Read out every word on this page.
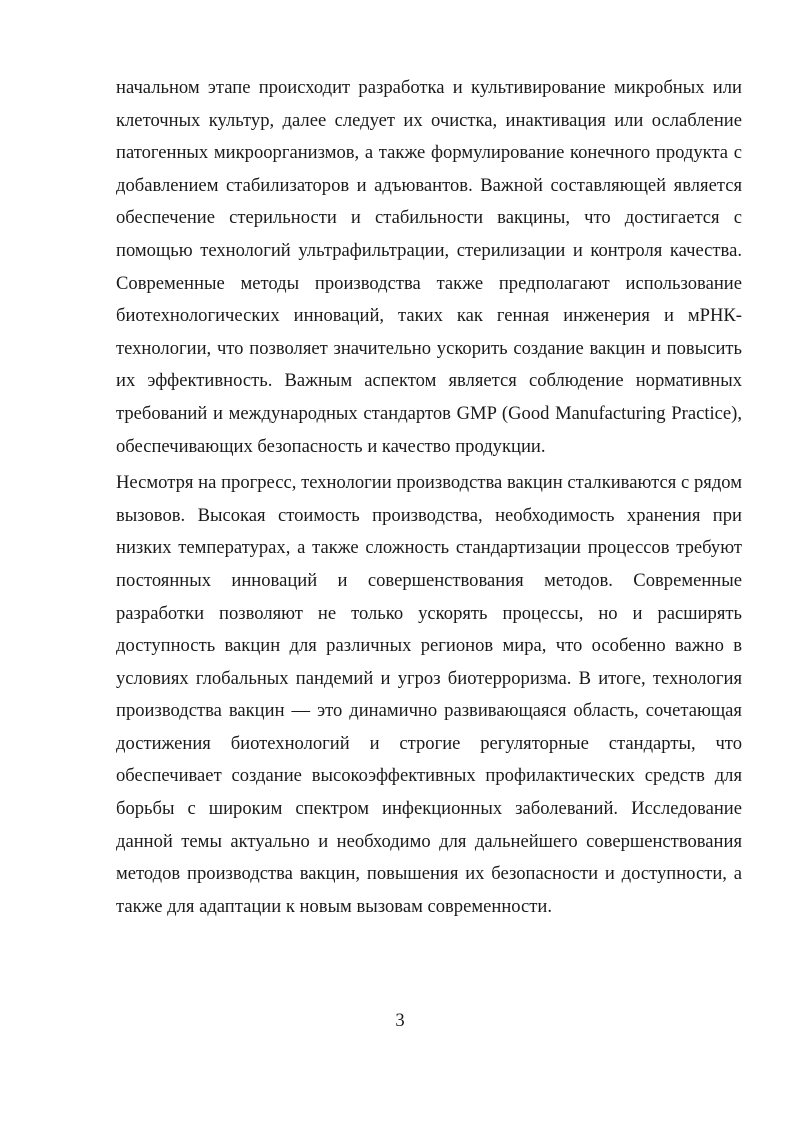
начальном этапе происходит разработка и культивирование микробных или клеточных культур, далее следует их очистка, инактивация или ослабление патогенных микроорганизмов, а также формулирование конечного продукта с добавлением стабилизаторов и адъювантов. Важной составляющей является обеспечение стерильности и стабильности вакцины, что достигается с помощью технологий ультрафильтрации, стерилизации и контроля качества. Современные методы производства также предполагают использование биотехнологических инноваций, таких как генная инженерия и мРНК-технологии, что позволяет значительно ускорить создание вакцин и повысить их эффективность. Важным аспектом является соблюдение нормативных требований и международных стандартов GMP (Good Manufacturing Practice), обеспечивающих безопасность и качество продукции.

Несмотря на прогресс, технологии производства вакцин сталкиваются с рядом вызовов. Высокая стоимость производства, необходимость хранения при низких температурах, а также сложность стандартизации процессов требуют постоянных инноваций и совершенствования методов. Современные разработки позволяют не только ускорять процессы, но и расширять доступность вакцин для различных регионов мира, что особенно важно в условиях глобальных пандемий и угроз биотерроризма. В итоге, технология производства вакцин — это динамично развивающаяся область, сочетающая достижения биотехнологий и строгие регуляторные стандарты, что обеспечивает создание высокоэффективных профилактических средств для борьбы с широким спектром инфекционных заболеваний. Исследование данной темы актуально и необходимо для дальнейшего совершенствования методов производства вакцин, повышения их безопасности и доступности, а также для адаптации к новым вызовам современности.

3
